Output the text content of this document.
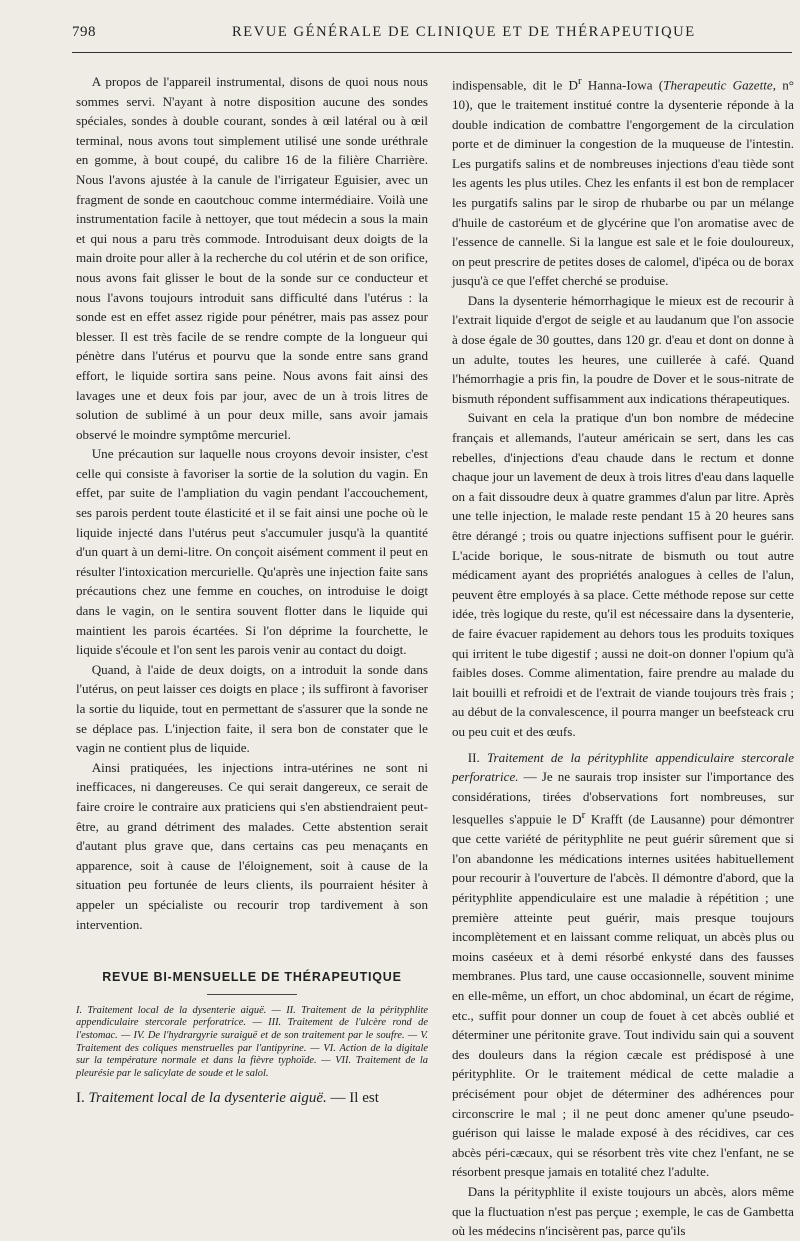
798	REVUE GÉNÉRALE DE CLINIQUE ET DE THÉRAPEUTIQUE

A propos de l'appareil instrumental, disons de quoi nous nous sommes servi. N'ayant à notre disposition aucune des sondes spéciales, sondes à double courant, sondes à œil latéral ou à œil terminal, nous avons tout simplement utilisé une sonde uréthrale en gomme, à bout coupé, du calibre 16 de la filière Charrière. Nous l'avons ajustée à la canule de l'irrigateur Eguisier, avec un fragment de sonde en caoutchouc comme intermédiaire. Voilà une instrumentation facile à nettoyer, que tout médecin a sous la main et qui nous a paru très commode. Introduisant deux doigts de la main droite pour aller à la recherche du col utérin et de son orifice, nous avons fait glisser le bout de la sonde sur ce conducteur et nous l'avons toujours introduit sans difficulté dans l'utérus : la sonde est en effet assez rigide pour pénétrer, mais pas assez pour blesser. Il est très facile de se rendre compte de la longueur qui pénètre dans l'utérus et pourvu que la sonde entre sans grand effort, le liquide sortira sans peine. Nous avons fait ainsi des lavages une et deux fois par jour, avec de un à trois litres de solution de sublimé à un pour deux mille, sans avoir jamais observé le moindre symptôme mercuriel.

Une précaution sur laquelle nous croyons devoir insister, c'est celle qui consiste à favoriser la sortie de la solution du vagin. En effet, par suite de l'ampliation du vagin pendant l'accouchement, ses parois perdent toute élasticité et il se fait ainsi une poche où le liquide injecté dans l'utérus peut s'accumuler jusqu'à la quantité d'un quart à un demi-litre. On conçoit aisément comment il peut en résulter l'intoxication mercurielle. Qu'après une injection faite sans précautions chez une femme en couches, on introduise le doigt dans le vagin, on le sentira souvent flotter dans le liquide qui maintient les parois écartées. Si l'on déprime la fourchette, le liquide s'écoule et l'on sent les parois venir au contact du doigt.

Quand, à l'aide de deux doigts, on a introduit la sonde dans l'utérus, on peut laisser ces doigts en place ; ils suffiront à favoriser la sortie du liquide, tout en permettant de s'assurer que la sonde ne se déplace pas. L'injection faite, il sera bon de constater que le vagin ne contient plus de liquide.

Ainsi pratiquées, les injections intra-utérines ne sont ni inefficaces, ni dangereuses. Ce qui serait dangereux, ce serait de faire croire le contraire aux praticiens qui s'en abstiendraient peut-être, au grand détriment des malades. Cette abstention serait d'autant plus grave que, dans certains cas peu menaçants en apparence, soit à cause de l'éloignement, soit à cause de la situation peu fortunée de leurs clients, ils pourraient hésiter à appeler un spécialiste ou recourir trop tardivement à son intervention.

REVUE BI-MENSUELLE DE THÉRAPEUTIQUE

I. Traitement local de la dysenterie aiguë. — II. Traitement de la pérityphlite appendiculaire stercorale perforatrice. — III. Traitement de l'ulcère rond de l'estomac. — IV. De l'hydrargyrie suraiguë et de son traitement par le soufre. — V. Traitement des coliques menstruelles par l'antipyrine. — VI. Action de la digitale sur la température normale et dans la fièvre typhoïde. — VII. Traitement de la pleurésie par le salicylate de soude et le salol.

I. Traitement local de la dysenterie aiguë. — Il est

indispensable, dit le $D^r$ Hanna-Iowa (Therapeutic Gazette, n° 10), que le traitement institué contre la dysenterie réponde à la double indication de combattre l'engorgement de la circulation porte et de diminuer la congestion de la muqueuse de l'intestin. Les purgatifs salins et de nombreuses injections d'eau tiède sont les agents les plus utiles. Chez les enfants il est bon de remplacer les purgatifs salins par le sirop de rhubarbe ou par un mélange d'huile de castoréum et de glycérine que l'on aromatise avec de l'essence de cannelle. Si la langue est sale et le foie douloureux, on peut prescrire de petites doses de calomel, d'ipéca ou de borax jusqu'à ce que l'effet cherché se produise.

Dans la dysenterie hémorrhagique le mieux est de recourir à l'extrait liquide d'ergot de seigle et au laudanum que l'on associe à dose égale de 30 gouttes, dans 120 gr. d'eau et dont on donne à un adulte, toutes les heures, une cuillerée à café. Quand l'hémorrhagie a pris fin, la poudre de Dover et le sous-nitrate de bismuth répondent suffisamment aux indications thérapeutiques.

Suivant en cela la pratique d'un bon nombre de médecine français et allemands, l'auteur américain se sert, dans les cas rebelles, d'injections d'eau chaude dans le rectum et donne chaque jour un lavement de deux à trois litres d'eau dans laquelle on a fait dissoudre deux à quatre grammes d'alun par litre. Après une telle injection, le malade reste pendant 15 à 20 heures sans être dérangé ; trois ou quatre injections suffisent pour le guérir. L'acide borique, le sous-nitrate de bismuth ou tout autre médicament ayant des propriétés analogues à celles de l'alun, peuvent être employés à sa place. Cette méthode repose sur cette idée, très logique du reste, qu'il est nécessaire dans la dysenterie, de faire évacuer rapidement au dehors tous les produits toxiques qui irritent le tube digestif ; aussi ne doit-on donner l'opium qu'à faibles doses. Comme alimentation, faire prendre au malade du lait bouilli et refroidi et de l'extrait de viande toujours très frais ; au début de la convalescence, il pourra manger un beefsteack cru ou peu cuit et des œufs.

II. Traitement de la pérityphlite appendiculaire stercorale perforatrice. — Je ne saurais trop insister sur l'importance des considérations, tirées d'observations fort nombreuses, sur lesquelles s'appuie le $D^r$ Krafft (de Lausanne) pour démontrer que cette variété de pérityphlite ne peut guérir sûrement que si l'on abandonne les médications internes usitées habituellement pour recourir à l'ouverture de l'abcès. Il démontre d'abord, que la pérityphlite appendiculaire est une maladie à répétition ; une première atteinte peut guérir, mais presque toujours incomplètement et en laissant comme reliquat, un abcès plus ou moins caséeux et à demi résorbé enkysté dans des fausses membranes. Plus tard, une cause occasionnelle, souvent minime en elle-même, un effort, un choc abdominal, un écart de régime, etc., suffit pour donner un coup de fouet à cet abcès oublié et déterminer une péritonite grave. Tout individu sain qui a souvent des douleurs dans la région cæcale est prédisposé à une pérityphlite. Or le traitement médical de cette maladie a précisément pour objet de déterminer des adhérences pour circonscrire le mal ; il ne peut donc amener qu'une pseudo-guérison qui laisse le malade exposé à des récidives, car ces abcès péri-cæcaux, qui se résorbent très vite chez l'enfant, ne se résorbent presque jamais en totalité chez l'adulte.

Dans la pérityphlite il existe toujours un abcès, alors même que la fluctuation n'est pas perçue ; exemple, le cas de Gambetta où les médecins n'incisèrent pas, parce qu'ils
